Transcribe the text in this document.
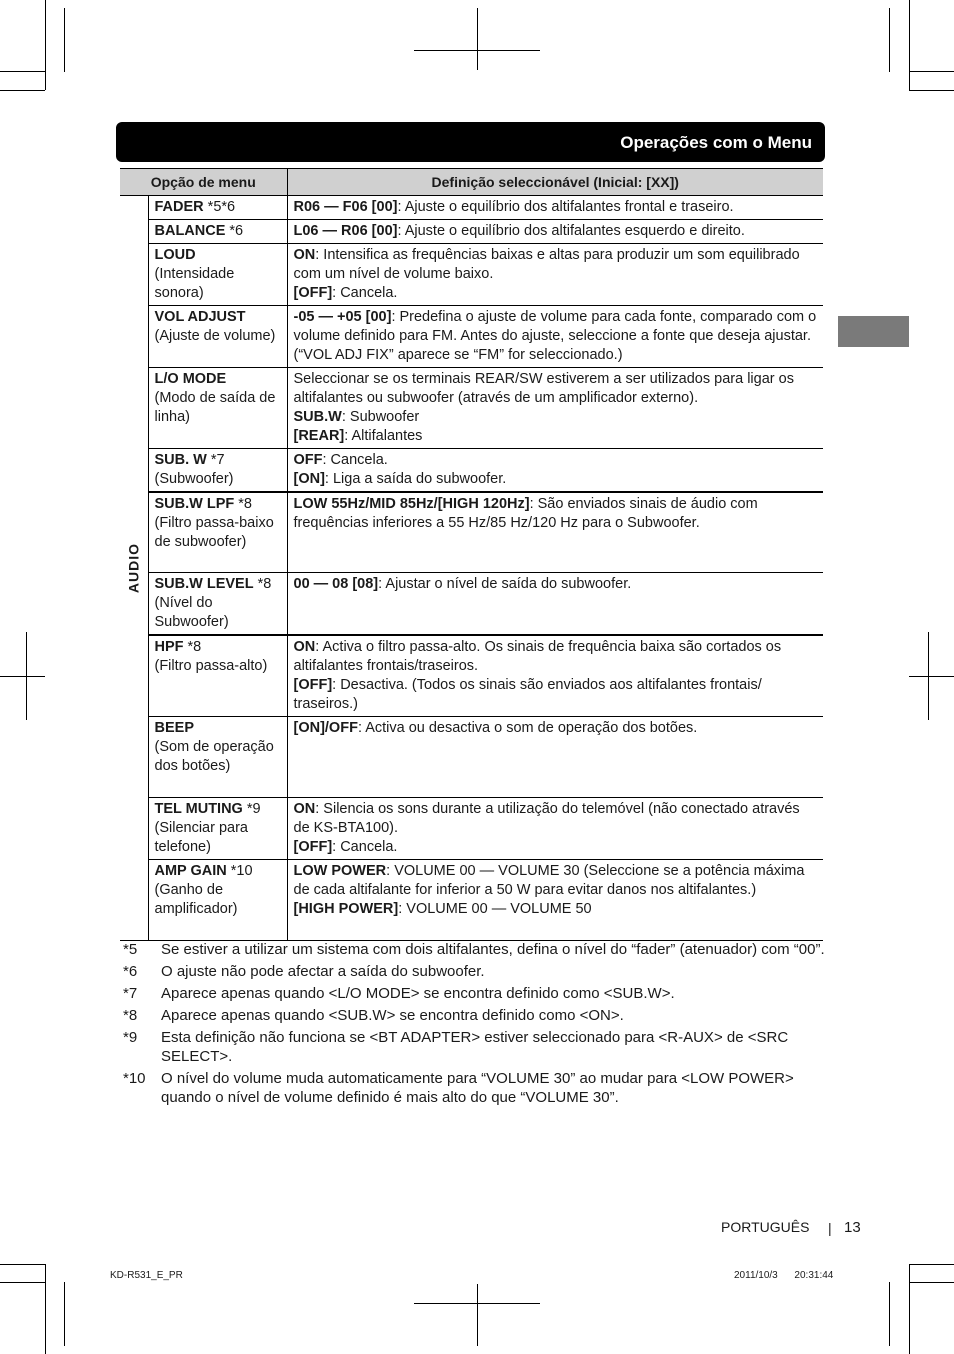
Operações com o Menu
Opção de menu		Definição seleccionável (Inicial: [XX])

AUDIO	FADER *5*6	R06 — F06 [00]: Ajuste o equilíbrio dos altifalantes frontal e traseiro.

	BALANCE *6	L06 — R06 [00]: Ajuste o equilíbrio dos altifalantes esquerdo e direito.

	LOUD
(Intensidade sonora)	ON: Intensifica as frequências baixas e altas para produzir um som equilibrado com um nível de volume baixo.
[OFF]: Cancela.

	VOL ADJUST
(Ajuste de volume)	-05 — +05 [00]: Predefina o ajuste de volume para cada fonte, comparado com o volume definido para FM. Antes do ajuste, seleccione a fonte que deseja ajustar. (“VOL ADJ FIX” aparece se “FM” for seleccionado.)

	L/O MODE
(Modo de saída de linha)	Seleccionar se os terminais REAR/SW estiverem a ser utilizados para ligar os altifalantes ou subwoofer (através de um amplificador externo).
SUB.W: Subwoofer
[REAR]: Altifalantes

	SUB. W *7
(Subwoofer)	OFF: Cancela.
[ON]: Liga a saída do subwoofer.

	SUB.W LPF *8
(Filtro passa-baixo de subwoofer)	LOW 55Hz/MID 85Hz/[HIGH 120Hz]: São enviados sinais de áudio com frequências inferiores a 55 Hz/85 Hz/120 Hz para o Subwoofer.

	SUB.W LEVEL *8
(Nível do Subwoofer)	00 — 08 [08]: Ajustar o nível de saída do subwoofer.

	HPF *8
(Filtro passa-alto)	ON: Activa o filtro passa-alto. Os sinais de frequência baixa são cortados os altifalantes frontais/traseiros.
[OFF]: Desactiva. (Todos os sinais são enviados aos altifalantes frontais/ traseiros.)

	BEEP
(Som de operação dos botões)	[ON]/OFF: Activa ou desactiva o som de operação dos botões.

	TEL MUTING *9
(Silenciar para telefone)	ON: Silencia os sons durante a utilização do telemóvel (não conectado através de KS-BTA100).
[OFF]: Cancela.

	AMP GAIN *10
(Ganho de amplificador)	LOW POWER: VOLUME 00 — VOLUME 30 (Seleccione se a potência máxima de cada altifalante for inferior a 50 W para evitar danos nos altifalantes.)
[HIGH POWER]: VOLUME 00 — VOLUME 50
*5	Se estiver a utilizar um sistema com dois altifalantes, defina o nível do “fader” (atenuador) com “00”.
*6	O ajuste não pode afectar a saída do subwoofer.
*7	Aparece apenas quando <L/O MODE> se encontra definido como <SUB.W>.
*8	Aparece apenas quando <SUB.W> se encontra definido como <ON>.
*9	Esta definição não funciona se <BT ADAPTER> estiver seleccionado para <R-AUX> de <SRC SELECT>.
*10	O nível do volume muda automaticamente para “VOLUME 30” ao mudar para <LOW POWER> quando o nível de volume definido é mais alto do que “VOLUME 30”.
PORTUGUÊS | 13
KD-R531_E_PR	2011/10/3      20:31:44
